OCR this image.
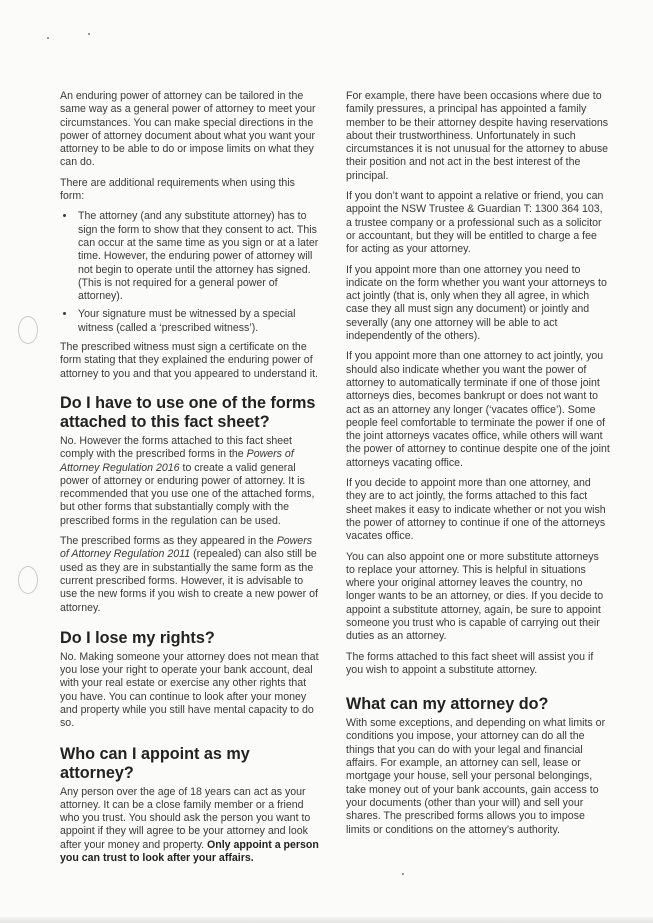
An enduring power of attorney can be tailored in the same way as a general power of attorney to meet your circumstances. You can make special directions in the power of attorney document about what you want your attorney to be able to do or impose limits on what they can do.

There are additional requirements when using this form:

• The attorney (and any substitute attorney) has to sign the form to show that they consent to act. This can occur at the same time as you sign or at a later time. However, the enduring power of attorney will not begin to operate until the attorney has signed. (This is not required for a general power of attorney).
• Your signature must be witnessed by a special witness (called a ‘prescribed witness’).

The prescribed witness must sign a certificate on the form stating that they explained the enduring power of attorney to you and that you appeared to understand it.

Do I have to use one of the forms attached to this fact sheet?

No. However the forms attached to this fact sheet comply with the prescribed forms in the Powers of Attorney Regulation 2016 to create a valid general power of attorney or enduring power of attorney. It is recommended that you use one of the attached forms, but other forms that substantially comply with the prescribed forms in the regulation can be used.

The prescribed forms as they appeared in the Powers of Attorney Regulation 2011 (repealed) can also still be used as they are in substantially the same form as the current prescribed forms. However, it is advisable to use the new forms if you wish to create a new power of attorney.

Do I lose my rights?

No. Making someone your attorney does not mean that you lose your right to operate your bank account, deal with your real estate or exercise any other rights that you have. You can continue to look after your money and property while you still have mental capacity to do so.

Who can I appoint as my attorney?

Any person over the age of 18 years can act as your attorney. It can be a close family member or a friend who you trust. You should ask the person you want to appoint if they will agree to be your attorney and look after your money and property. Only appoint a person you can trust to look after your affairs.

For example, there have been occasions where due to family pressures, a principal has appointed a family member to be their attorney despite having reservations about their trustworthiness. Unfortunately in such circumstances it is not unusual for the attorney to abuse their position and not act in the best interest of the principal.

If you don’t want to appoint a relative or friend, you can appoint the NSW Trustee & Guardian T: 1300 364 103, a trustee company or a professional such as a solicitor or accountant, but they will be entitled to charge a fee for acting as your attorney.

If you appoint more than one attorney you need to indicate on the form whether you want your attorneys to act jointly (that is, only when they all agree, in which case they all must sign any document) or jointly and severally (any one attorney will be able to act independently of the others).

If you appoint more than one attorney to act jointly, you should also indicate whether you want the power of attorney to automatically terminate if one of those joint attorneys dies, becomes bankrupt or does not want to act as an attorney any longer (‘vacates office’). Some people feel comfortable to terminate the power if one of the joint attorneys vacates office, while others will want the power of attorney to continue despite one of the joint attorneys vacating office.

If you decide to appoint more than one attorney, and they are to act jointly, the forms attached to this fact sheet makes it easy to indicate whether or not you wish the power of attorney to continue if one of the attorneys vacates office.

You can also appoint one or more substitute attorneys to replace your attorney. This is helpful in situations where your original attorney leaves the country, no longer wants to be an attorney, or dies. If you decide to appoint a substitute attorney, again, be sure to appoint someone you trust who is capable of carrying out their duties as an attorney.

The forms attached to this fact sheet will assist you if you wish to appoint a substitute attorney.

What can my attorney do?

With some exceptions, and depending on what limits or conditions you impose, your attorney can do all the things that you can do with your legal and financial affairs. For example, an attorney can sell, lease or mortgage your house, sell your personal belongings, take money out of your bank accounts, gain access to your documents (other than your will) and sell your shares. The prescribed forms allows you to impose limits or conditions on the attorney’s authority.
